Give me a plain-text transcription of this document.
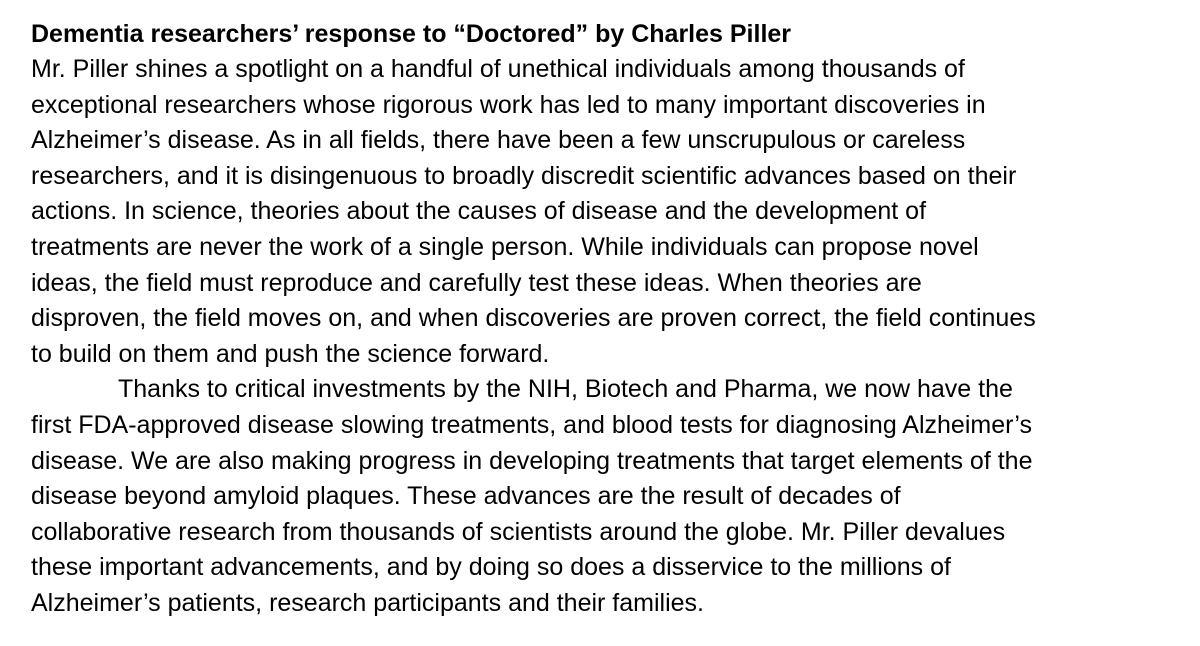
Dementia researchers’ response to “Doctored” by Charles Piller

Mr. Piller shines a spotlight on a handful of unethical individuals among thousands of
exceptional researchers whose rigorous work has led to many important discoveries in
Alzheimer’s disease. As in all fields, there have been a few unscrupulous or careless
researchers, and it is disingenuous to broadly discredit scientific advances based on their
actions. In science, theories about the causes of disease and the development of
treatments are never the work of a single person. While individuals can propose novel
ideas, the field must reproduce and carefully test these ideas. When theories are
disproven, the field moves on, and when discoveries are proven correct, the field continues
to build on them and push the science forward.

Thanks to critical investments by the NIH, Biotech and Pharma, we now have the
first FDA-approved disease slowing treatments, and blood tests for diagnosing Alzheimer’s
disease. We are also making progress in developing treatments that target elements of the
disease beyond amyloid plaques. These advances are the result of decades of
collaborative research from thousands of scientists around the globe. Mr. Piller devalues
these important advancements, and by doing so does a disservice to the millions of
Alzheimer’s patients, research participants and their families.
